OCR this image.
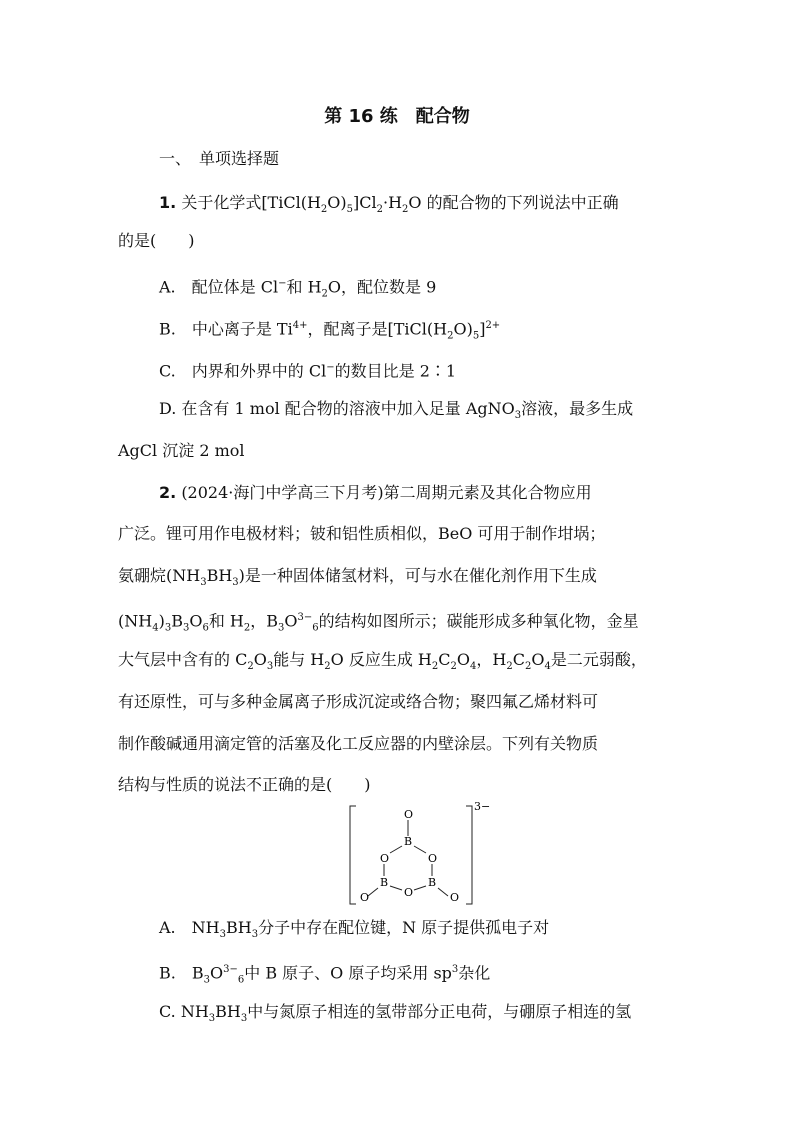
第 16 练　配合物
一、　单项选择题
1. 关于化学式$[TiCl(H_2O)_5]Cl_2\cdot H_2O$ 的配合物的下列说法中正确
的是(　　)
A.　配位体是 Cl−和 $H_2O$，配位数是 9
B.　中心离子是 $Ti^{4+}$，配离子是$[TiCl(H_2O)_5]^{2+}$
C.　内界和外界中的 Cl−的数目比是 2∶1
D. 在含有 1 mol 配合物的溶液中加入足量 AgNO$_3$溶液，最多生成
AgCl 沉淀 2 mol
2. (2024·海门中学高三下月考)第二周期元素及其化合物应用
广泛。锂可用作电极材料；铍和铝性质相似，BeO 可用于制作坩埚；
氨硼烷$(NH_3BH_3)$是一种固体储氢材料，可与水在催化剂作用下生成
$(NH_4)_3B_3O_6$和 $H_2$，$B_3O^{3-}_6$的结构如图所示；碳能形成多种氧化物，金星
大气层中含有的 $C_2O_3$能与 $H_2O$ 反应生成 $H_2C_2O_4$，$H_2C_2O_4$是二元弱酸，
有还原性，可与多种金属离子形成沉淀或络合物；聚四氟乙烯材料可
制作酸碱通用滴定管的活塞及化工反应器的内壁涂层。下列有关物质
结构与性质的说法不正确的是(　　)
3−
O
B
O	O
B	B
O
O	O
A.　$NH_3BH_3$分子中存在配位键，N 原子提供孤电子对
B.　$B_3O^{3-}_6$中 B 原子、O 原子均采用 $sp^3$杂化
C. $NH_3BH_3$中与氮原子相连的氢带部分正电荷，与硼原子相连的氢
